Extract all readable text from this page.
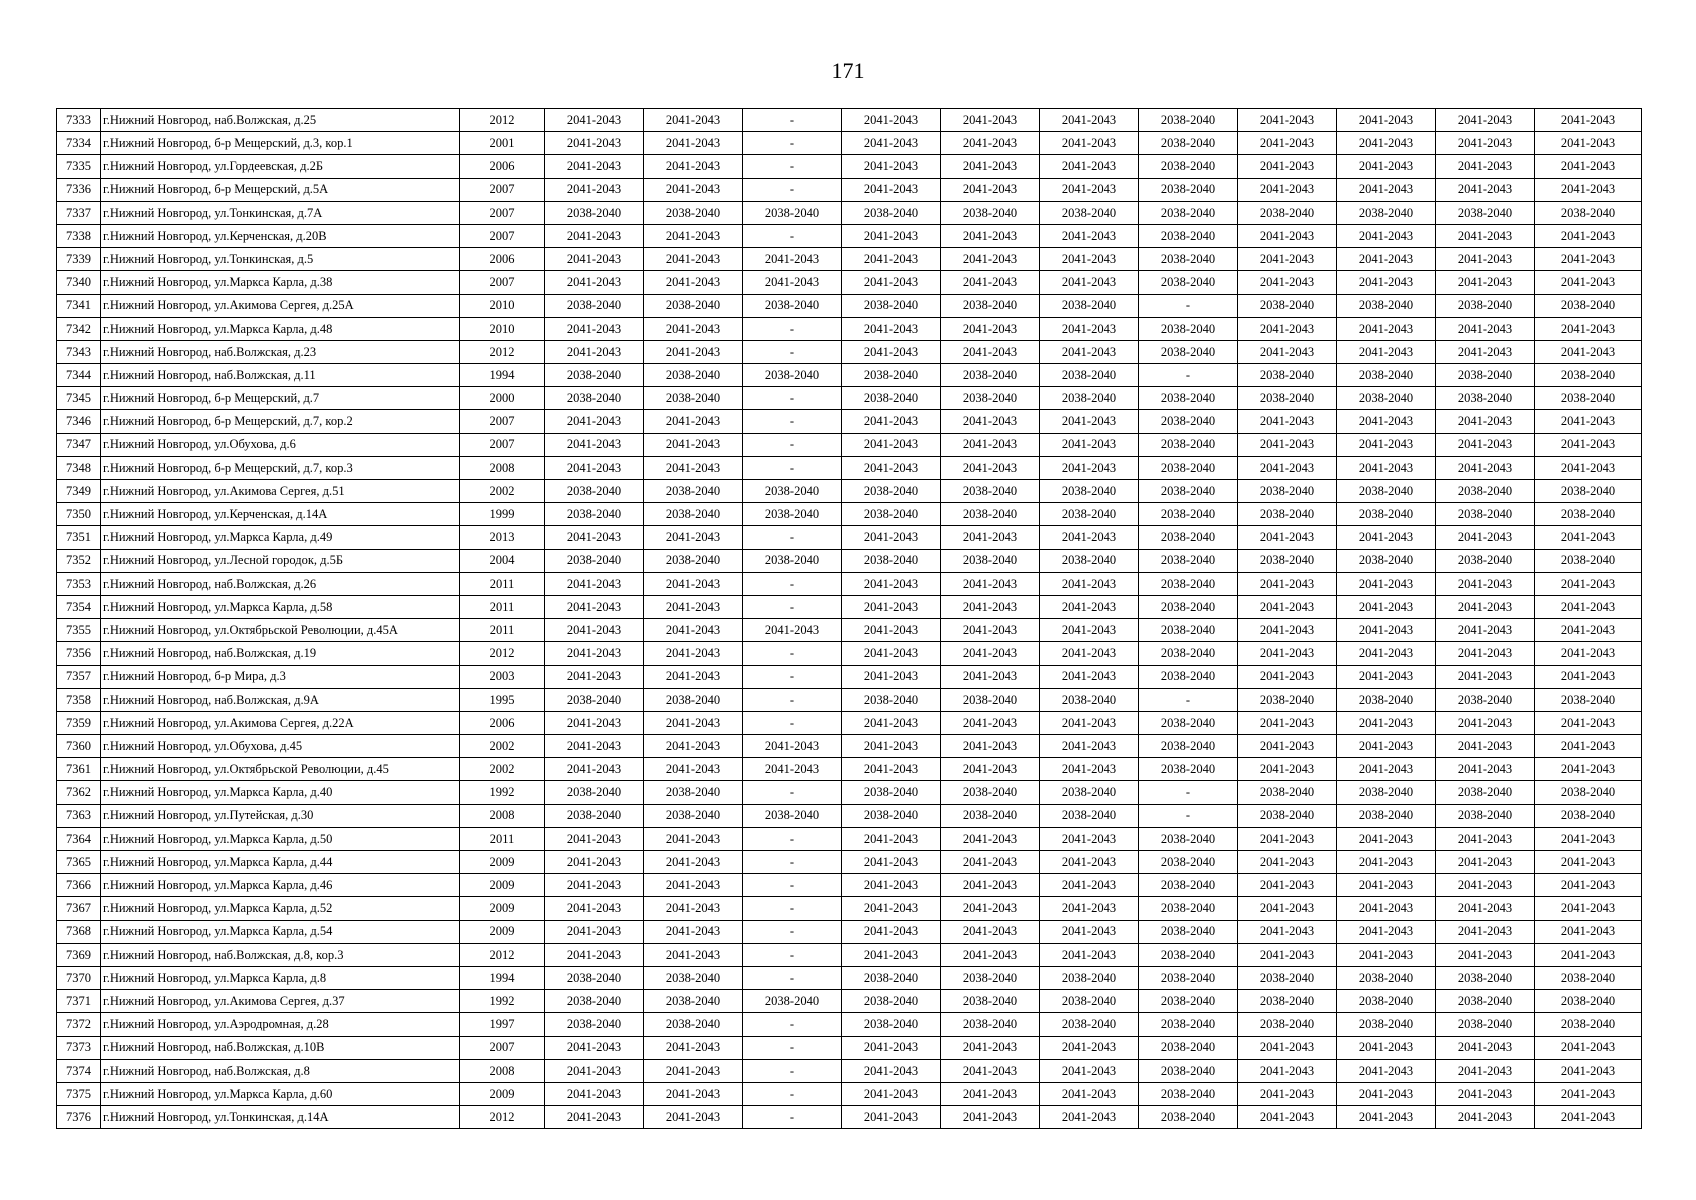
171
7333	г.Нижний Новгород, наб.Волжская, д.25	2012	2041-2043	2041-2043	-	2041-2043	2041-2043	2041-2043	2038-2040	2041-2043	2041-2043	2041-2043	2041-2043
7334	г.Нижний Новгород, б-р Мещерский, д.3, кор.1	2001	2041-2043	2041-2043	-	2041-2043	2041-2043	2041-2043	2038-2040	2041-2043	2041-2043	2041-2043	2041-2043
7335	г.Нижний Новгород, ул.Гордеевская, д.2Б	2006	2041-2043	2041-2043	-	2041-2043	2041-2043	2041-2043	2038-2040	2041-2043	2041-2043	2041-2043	2041-2043
7336	г.Нижний Новгород, б-р Мещерский, д.5А	2007	2041-2043	2041-2043	-	2041-2043	2041-2043	2041-2043	2038-2040	2041-2043	2041-2043	2041-2043	2041-2043
7337	г.Нижний Новгород, ул.Тонкинская, д.7А	2007	2038-2040	2038-2040	2038-2040	2038-2040	2038-2040	2038-2040	2038-2040	2038-2040	2038-2040	2038-2040	2038-2040
7338	г.Нижний Новгород, ул.Керченская, д.20В	2007	2041-2043	2041-2043	-	2041-2043	2041-2043	2041-2043	2038-2040	2041-2043	2041-2043	2041-2043	2041-2043
7339	г.Нижний Новгород, ул.Тонкинская, д.5	2006	2041-2043	2041-2043	2041-2043	2041-2043	2041-2043	2041-2043	2038-2040	2041-2043	2041-2043	2041-2043	2041-2043
7340	г.Нижний Новгород, ул.Маркса Карла, д.38	2007	2041-2043	2041-2043	2041-2043	2041-2043	2041-2043	2041-2043	2038-2040	2041-2043	2041-2043	2041-2043	2041-2043
7341	г.Нижний Новгород, ул.Акимова Сергея, д.25А	2010	2038-2040	2038-2040	2038-2040	2038-2040	2038-2040	2038-2040	-	2038-2040	2038-2040	2038-2040	2038-2040
7342	г.Нижний Новгород, ул.Маркса Карла, д.48	2010	2041-2043	2041-2043	-	2041-2043	2041-2043	2041-2043	2038-2040	2041-2043	2041-2043	2041-2043	2041-2043
7343	г.Нижний Новгород, наб.Волжская, д.23	2012	2041-2043	2041-2043	-	2041-2043	2041-2043	2041-2043	2038-2040	2041-2043	2041-2043	2041-2043	2041-2043
7344	г.Нижний Новгород, наб.Волжская, д.11	1994	2038-2040	2038-2040	2038-2040	2038-2040	2038-2040	2038-2040	-	2038-2040	2038-2040	2038-2040	2038-2040
7345	г.Нижний Новгород, б-р Мещерский, д.7	2000	2038-2040	2038-2040	-	2038-2040	2038-2040	2038-2040	2038-2040	2038-2040	2038-2040	2038-2040	2038-2040
7346	г.Нижний Новгород, б-р Мещерский, д.7, кор.2	2007	2041-2043	2041-2043	-	2041-2043	2041-2043	2041-2043	2038-2040	2041-2043	2041-2043	2041-2043	2041-2043
7347	г.Нижний Новгород, ул.Обухова, д.6	2007	2041-2043	2041-2043	-	2041-2043	2041-2043	2041-2043	2038-2040	2041-2043	2041-2043	2041-2043	2041-2043
7348	г.Нижний Новгород, б-р Мещерский, д.7, кор.3	2008	2041-2043	2041-2043	-	2041-2043	2041-2043	2041-2043	2038-2040	2041-2043	2041-2043	2041-2043	2041-2043
7349	г.Нижний Новгород, ул.Акимова Сергея, д.51	2002	2038-2040	2038-2040	2038-2040	2038-2040	2038-2040	2038-2040	2038-2040	2038-2040	2038-2040	2038-2040	2038-2040
7350	г.Нижний Новгород, ул.Керченская, д.14А	1999	2038-2040	2038-2040	2038-2040	2038-2040	2038-2040	2038-2040	2038-2040	2038-2040	2038-2040	2038-2040	2038-2040
7351	г.Нижний Новгород, ул.Маркса Карла, д.49	2013	2041-2043	2041-2043	-	2041-2043	2041-2043	2041-2043	2038-2040	2041-2043	2041-2043	2041-2043	2041-2043
7352	г.Нижний Новгород, ул.Лесной городок, д.5Б	2004	2038-2040	2038-2040	2038-2040	2038-2040	2038-2040	2038-2040	2038-2040	2038-2040	2038-2040	2038-2040	2038-2040
7353	г.Нижний Новгород, наб.Волжская, д.26	2011	2041-2043	2041-2043	-	2041-2043	2041-2043	2041-2043	2038-2040	2041-2043	2041-2043	2041-2043	2041-2043
7354	г.Нижний Новгород, ул.Маркса Карла, д.58	2011	2041-2043	2041-2043	-	2041-2043	2041-2043	2041-2043	2038-2040	2041-2043	2041-2043	2041-2043	2041-2043
7355	г.Нижний Новгород, ул.Октябрьской Революции, д.45А	2011	2041-2043	2041-2043	2041-2043	2041-2043	2041-2043	2041-2043	2038-2040	2041-2043	2041-2043	2041-2043	2041-2043
7356	г.Нижний Новгород, наб.Волжская, д.19	2012	2041-2043	2041-2043	-	2041-2043	2041-2043	2041-2043	2038-2040	2041-2043	2041-2043	2041-2043	2041-2043
7357	г.Нижний Новгород, б-р Мира, д.3	2003	2041-2043	2041-2043	-	2041-2043	2041-2043	2041-2043	2038-2040	2041-2043	2041-2043	2041-2043	2041-2043
7358	г.Нижний Новгород, наб.Волжская, д.9А	1995	2038-2040	2038-2040	-	2038-2040	2038-2040	2038-2040	-	2038-2040	2038-2040	2038-2040	2038-2040
7359	г.Нижний Новгород, ул.Акимова Сергея, д.22А	2006	2041-2043	2041-2043	-	2041-2043	2041-2043	2041-2043	2038-2040	2041-2043	2041-2043	2041-2043	2041-2043
7360	г.Нижний Новгород, ул.Обухова, д.45	2002	2041-2043	2041-2043	2041-2043	2041-2043	2041-2043	2041-2043	2038-2040	2041-2043	2041-2043	2041-2043	2041-2043
7361	г.Нижний Новгород, ул.Октябрьской Революции, д.45	2002	2041-2043	2041-2043	2041-2043	2041-2043	2041-2043	2041-2043	2038-2040	2041-2043	2041-2043	2041-2043	2041-2043
7362	г.Нижний Новгород, ул.Маркса Карла, д.40	1992	2038-2040	2038-2040	-	2038-2040	2038-2040	2038-2040	-	2038-2040	2038-2040	2038-2040	2038-2040
7363	г.Нижний Новгород, ул.Путейская, д.30	2008	2038-2040	2038-2040	2038-2040	2038-2040	2038-2040	2038-2040	-	2038-2040	2038-2040	2038-2040	2038-2040
7364	г.Нижний Новгород, ул.Маркса Карла, д.50	2011	2041-2043	2041-2043	-	2041-2043	2041-2043	2041-2043	2038-2040	2041-2043	2041-2043	2041-2043	2041-2043
7365	г.Нижний Новгород, ул.Маркса Карла, д.44	2009	2041-2043	2041-2043	-	2041-2043	2041-2043	2041-2043	2038-2040	2041-2043	2041-2043	2041-2043	2041-2043
7366	г.Нижний Новгород, ул.Маркса Карла, д.46	2009	2041-2043	2041-2043	-	2041-2043	2041-2043	2041-2043	2038-2040	2041-2043	2041-2043	2041-2043	2041-2043
7367	г.Нижний Новгород, ул.Маркса Карла, д.52	2009	2041-2043	2041-2043	-	2041-2043	2041-2043	2041-2043	2038-2040	2041-2043	2041-2043	2041-2043	2041-2043
7368	г.Нижний Новгород, ул.Маркса Карла, д.54	2009	2041-2043	2041-2043	-	2041-2043	2041-2043	2041-2043	2038-2040	2041-2043	2041-2043	2041-2043	2041-2043
7369	г.Нижний Новгород, наб.Волжская, д.8, кор.3	2012	2041-2043	2041-2043	-	2041-2043	2041-2043	2041-2043	2038-2040	2041-2043	2041-2043	2041-2043	2041-2043
7370	г.Нижний Новгород, ул.Маркса Карла, д.8	1994	2038-2040	2038-2040	-	2038-2040	2038-2040	2038-2040	2038-2040	2038-2040	2038-2040	2038-2040	2038-2040
7371	г.Нижний Новгород, ул.Акимова Сергея, д.37	1992	2038-2040	2038-2040	2038-2040	2038-2040	2038-2040	2038-2040	2038-2040	2038-2040	2038-2040	2038-2040	2038-2040
7372	г.Нижний Новгород, ул.Аэродромная, д.28	1997	2038-2040	2038-2040	-	2038-2040	2038-2040	2038-2040	2038-2040	2038-2040	2038-2040	2038-2040	2038-2040
7373	г.Нижний Новгород, наб.Волжская, д.10В	2007	2041-2043	2041-2043	-	2041-2043	2041-2043	2041-2043	2038-2040	2041-2043	2041-2043	2041-2043	2041-2043
7374	г.Нижний Новгород, наб.Волжская, д.8	2008	2041-2043	2041-2043	-	2041-2043	2041-2043	2041-2043	2038-2040	2041-2043	2041-2043	2041-2043	2041-2043
7375	г.Нижний Новгород, ул.Маркса Карла, д.60	2009	2041-2043	2041-2043	-	2041-2043	2041-2043	2041-2043	2038-2040	2041-2043	2041-2043	2041-2043	2041-2043
7376	г.Нижний Новгород, ул.Тонкинская, д.14А	2012	2041-2043	2041-2043	-	2041-2043	2041-2043	2041-2043	2038-2040	2041-2043	2041-2043	2041-2043	2041-2043
